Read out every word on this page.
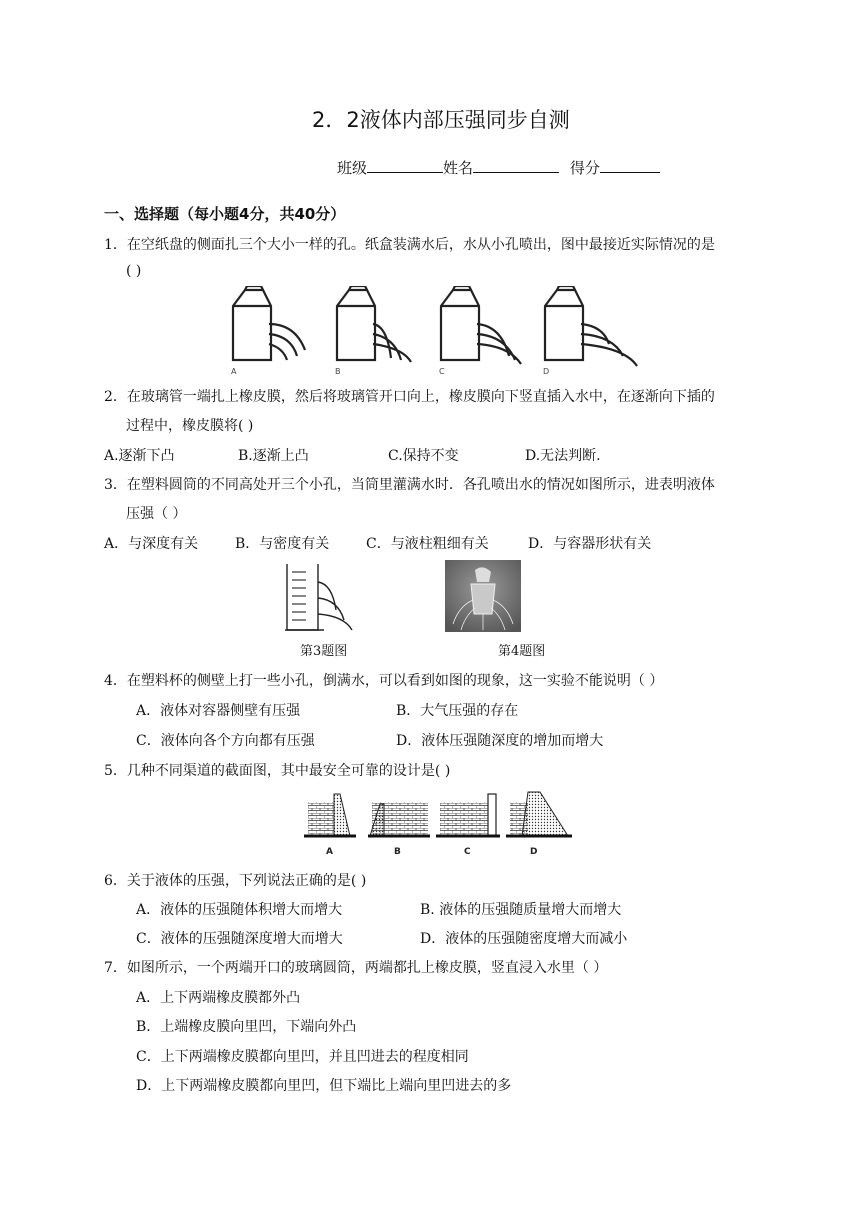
2．2液体内部压强同步自测
班级	姓名	得分
一、选择题（每小题4分，共40分）
1．在空纸盘的侧面扎三个大小一样的孔。纸盒装满水后，水从小孔喷出，图中最接近实际情况的是
( )
A	B	C	D
2．在玻璃管一端扎上橡皮膜，然后将玻璃管开口向上，橡皮膜向下竖直插入水中，在逐渐向下插的
过程中，橡皮膜将( )
A.逐渐下凸	B.逐渐上凸	C.保持不变	D.无法判断.
3．在塑料圆筒的不同高处开三个小孔，当筒里灌满水时．各孔喷出水的情况如图所示，进表明液体
压强（ ）
A．与深度有关	B．与密度有关	C．与液柱粗细有关	D．与容器形状有关
第3题图	第4题图
4．在塑料杯的侧壁上打一些小孔，倒满水，可以看到如图的现象，这一实验不能说明（ ）
A．液体对容器侧壁有压强	B．大气压强的存在
C．液体向各个方向都有压强	D．液体压强随深度的增加而增大
5．几种不同渠道的截面图，其中最安全可靠的设计是( )
A	B	C	D
6．关于液体的压强，下列说法正确的是( )
A．液体的压强随体积增大而增大	B. 液体的压强随质量增大而增大
C．液体的压强随深度增大而增大	D．液体的压强随密度增大而减小
7．如图所示，一个两端开口的玻璃圆筒，两端都扎上橡皮膜，竖直浸入水里（ ）
A．上下两端橡皮膜都外凸
B．上端橡皮膜向里凹，下端向外凸
C．上下两端橡皮膜都向里凹，并且凹进去的程度相同
D．上下两端橡皮膜都向里凹，但下端比上端向里凹进去的多
